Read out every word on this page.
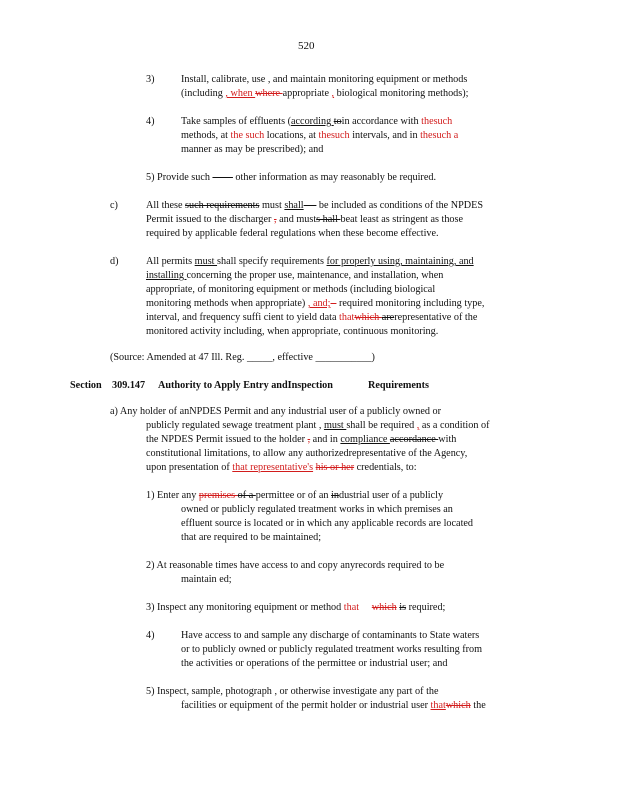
520
3)	Install, calibrate, use , and maintain monitoring equipment or methods
(including , when where appropriate , biological monitoring methods);
4)	Take samples of effluents (according toin accordance with thesuch
methods, at the such locations, at thesuch intervals, and in thesuch a
manner as may be prescribed); and
5) Provide such —— other information as may reasonably be required.
c)	All these such requirements must shall — be included as conditions of the NPDES
Permit issued to the discharger , and musts hall beat least as stringent as those
required by applicable federal regulations when these become effective.
d)	All permits must shall specify requirements for properly using, maintaining, and
installing concerning the proper use, maintenance, and installation, when
appropriate, of monitoring equipment or methods (including biological
monitoring methods when appropriate) , and; - required monitoring including type,
interval, and frequency suffi cient to yield data thatwhich arerepresentative of the
monitored activity including, when appropriate, continuous monitoring.
(Source: Amended at 47 Ill. Reg. _____, effective ___________)
Section 309.147 Authority to Apply Entry andInspection	Requirements
a) Any holder of anNPDES Permit and any industrial user of a publicly owned or
publicly regulated sewage treatment plant , must shall be required , as a condition of
the NPDES Permit issued to the holder , and in compliance accordance with
constitutional limitations, to allow any authorizedrepresentative of the Agency,
upon presentation of that representative's his or her credentials, to:
1) Enter any premises of a permittee or of an industrial user of a publicly
owned or publicly regulated treatment works in which premises an
effluent source is located or in which any applicable records are located
that are required to be maintained;
2) At reasonable times have access to and copy anyrecords required to be
maintain ed;
3) Inspect any monitoring equipment or method that which is required;
4)	Have access to and sample any discharge of contaminants to State waters
or to publicly owned or publicly regulated treatment works resulting from
the activities or operations of the permittee or industrial user; and
5) Inspect, sample, photograph , or otherwise investigate any part of the
facilities or equipment of the permit holder or industrial user thatwhich the
